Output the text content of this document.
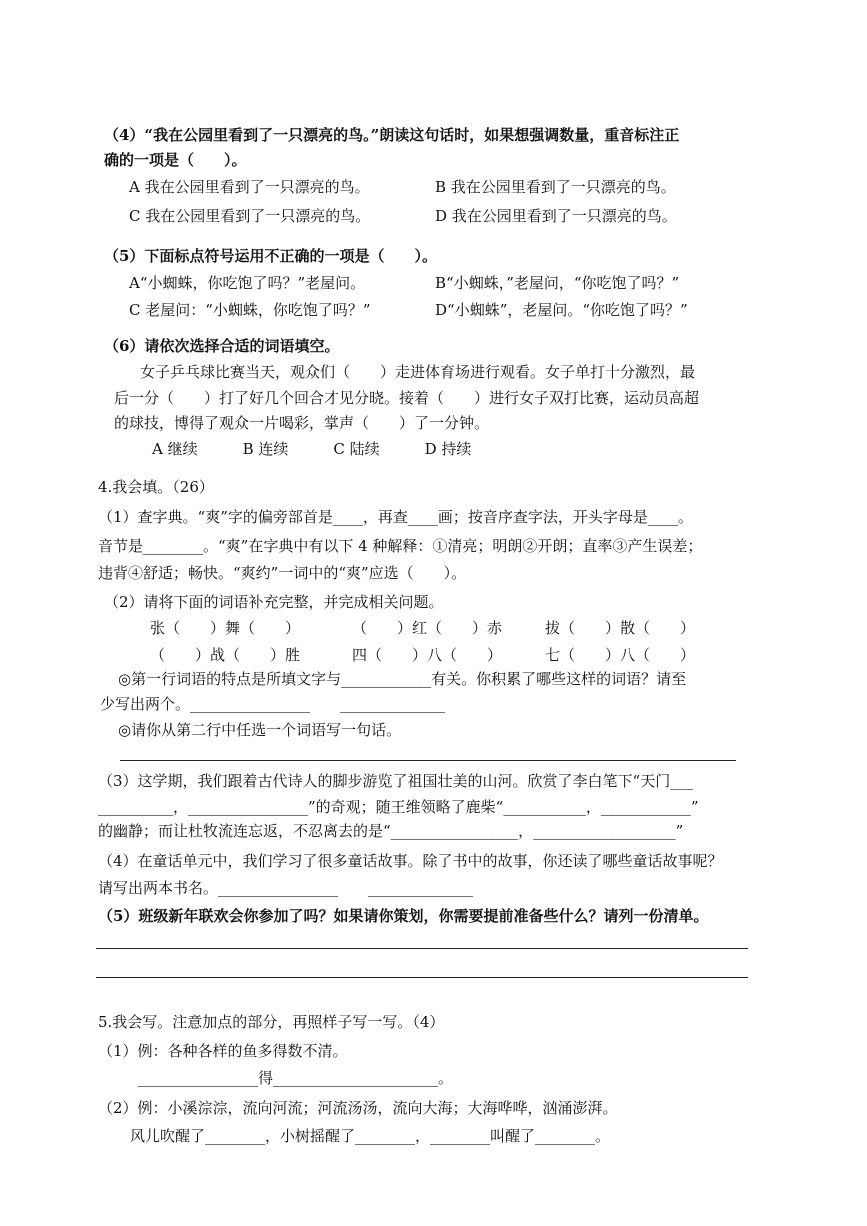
（4）“我在公园里看到了一只漂亮的鸟。”朗读这句话时，如果想强调数量，重音标注正
确的一项是（　　）。
A 我在公园里看到了一只漂亮的鸟。	B 我在公园里看到了一只漂亮的鸟。
C 我在公园里看到了一只漂亮的鸟。	D 我在公园里看到了一只漂亮的鸟。
（5）下面标点符号运用不正确的一项是（　　）。
A“小蜘蛛，你吃饱了吗？”老屋问。	B“小蜘蛛，”老屋问，“你吃饱了吗？”
C 老屋问：“小蜘蛛，你吃饱了吗？”	D“小蜘蛛”，老屋问。“你吃饱了吗？”
（6）请依次选择合适的词语填空。
女子乒乓球比赛当天，观众们（　　）走进体育场进行观看。女子单打十分激烈，最
后一分（　　）打了好几个回合才见分晓。接着（　　）进行女子双打比赛，运动员高超
的球技，博得了观众一片喝彩，掌声（　　）了一分钟。
A 继续　　　B 连续　　　C 陆续　　　D 持续
4.我会填。（26）
（1）查字典。“爽”字的偏旁部首是____，再查____画；按音序查字法，开头字母是____。
音节是________。“爽”在字典中有以下 4 种解释：①清亮；明朗②开朗；直率③产生误差；
违背④舒适；畅快。“爽约”一词中的“爽”应选（　　）。
（2）请将下面的词语补充完整，并完成相关问题。
张（　　）舞（　　）	（　　）红（　　）赤	拔（　　）散（　　）
（　　）战（　　）胜	四（　　）八（　　）	七（　　）八（　　）
◎第一行词语的特点是所填文字与____________有关。你积累了哪些这样的词语？请至
少写出两个。________________　　______________
◎请你从第二行中任选一个词语写一句话。
（3）这学期，我们跟着古代诗人的脚步游览了祖国壮美的山河。欣赏了李白笔下“天门___
__________，________________”的奇观；随王维领略了鹿柴“___________，____________”
的幽静；而让杜牧流连忘返，不忍离去的是“_________________，___________________”
（4）在童话单元中，我们学习了很多童话故事。除了书中的故事，你还读了哪些童话故事呢？
请写出两本书名。________________　　______________
（5）班级新年联欢会你参加了吗？如果请你策划，你需要提前准备些什么？请列一份清单。
5.我会写。注意加点的部分，再照样子写一写。（4）
（1）例：各种各样的鱼多得数不清。
________________得______________________。
（2）例：小溪淙淙，流向河流；河流汤汤，流向大海；大海哗哗，汹涌澎湃。
风儿吹醒了________，小树摇醒了________，________叫醒了________。
